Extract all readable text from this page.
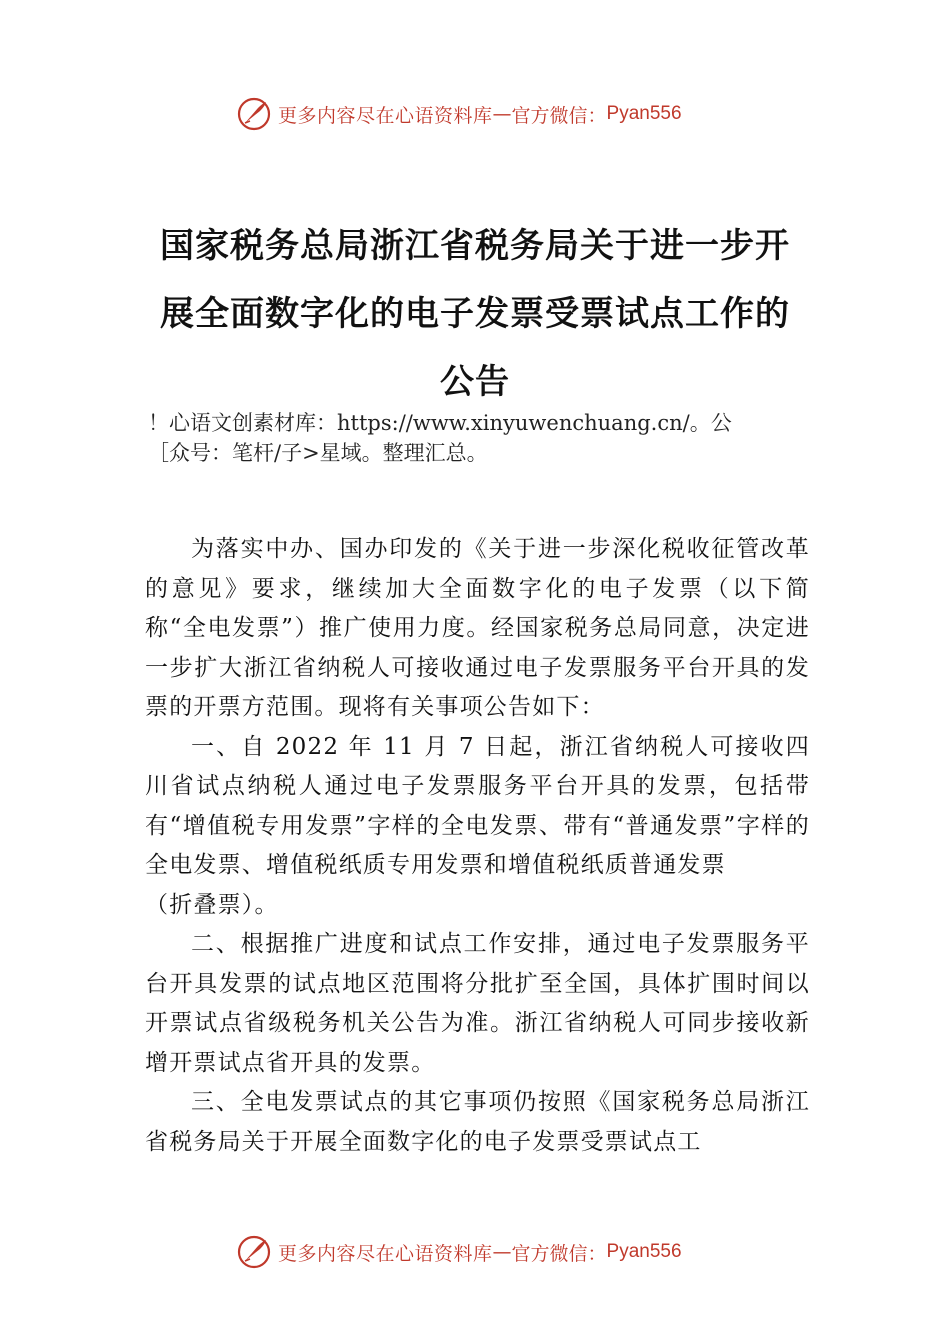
更多内容尽在心语资料库 — 官方微信： Pyan556
国家税务总局浙江省税务局关于进一步开
展全面数字化的电子发票受票试点工作的
公告
！心语文创素材库：https://www.xinyuwenchuang.cn/。公
［众号：笔杆/子>星域。整理汇总。

为落实中办、国办印发的《关于进一步深化税收征管改革的意见》要求，继续加大全面数字化的电子发票（以下简称“全电发票”）推广使用力度。经国家税务总局同意，决定进一步扩大浙江省纳税人可接收通过电子发票服务平台开具的发票的开票方范围。现将有关事项公告如下：

一、自 2022 年 11 月 7 日起，浙江省纳税人可接收四川省试点纳税人通过电子发票服务平台开具的发票，包括带有“增值税专用发票”字样的全电发票、带有“普通发票”字样的全电发票、增值税纸质专用发票和增值税纸质普通发票

（折叠票）。

二、根据推广进度和试点工作安排，通过电子发票服务平台开具发票的试点地区范围将分批扩至全国，具体扩围时间以开票试点省级税务机关公告为准。浙江省纳税人可同步接收新增开票试点省开具的发票。

三、全电发票试点的其它事项仍按照《国家税务总局浙江省税务局关于开展全面数字化的电子发票受票试点工

更多内容尽在心语资料库 — 官方微信： Pyan556
